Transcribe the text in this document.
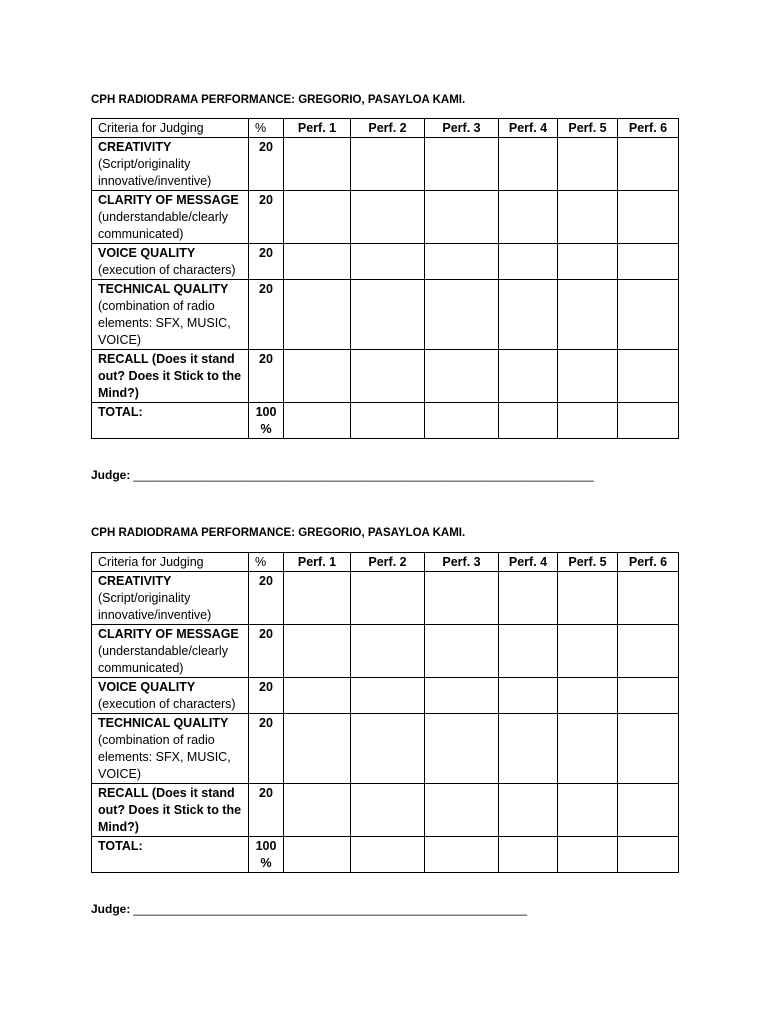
CPH RADIODRAMA PERFORMANCE: GREGORIO, PASAYLOA KAMI.
Criteria for Judging	%	Perf. 1	Perf. 2	Perf. 3	Perf. 4	Perf. 5	Perf. 6

CREATIVITY
(Script/originality
innovative/inventive)	20						

CLARITY OF MESSAGE
(understandable/clearly
communicated)	20						

VOICE QUALITY
(execution of characters)	20						

TECHNICAL QUALITY
(combination of radio
elements: SFX, MUSIC,
VOICE)	20						

RECALL (Does it stand
out? Does it Stick to the
Mind?)	20						

TOTAL:	100
%						

Judge: _____________________________________________________________________
CPH RADIODRAMA PERFORMANCE: GREGORIO, PASAYLOA KAMI.
Criteria for Judging	%	Perf. 1	Perf. 2	Perf. 3	Perf. 4	Perf. 5	Perf. 6

CREATIVITY
(Script/originality
innovative/inventive)	20						

CLARITY OF MESSAGE
(understandable/clearly
communicated)	20						

VOICE QUALITY
(execution of characters)	20						

TECHNICAL QUALITY
(combination of radio
elements: SFX, MUSIC,
VOICE)	20						

RECALL (Does it stand
out? Does it Stick to the
Mind?)	20						

TOTAL:	100
%						

Judge: ___________________________________________________________
